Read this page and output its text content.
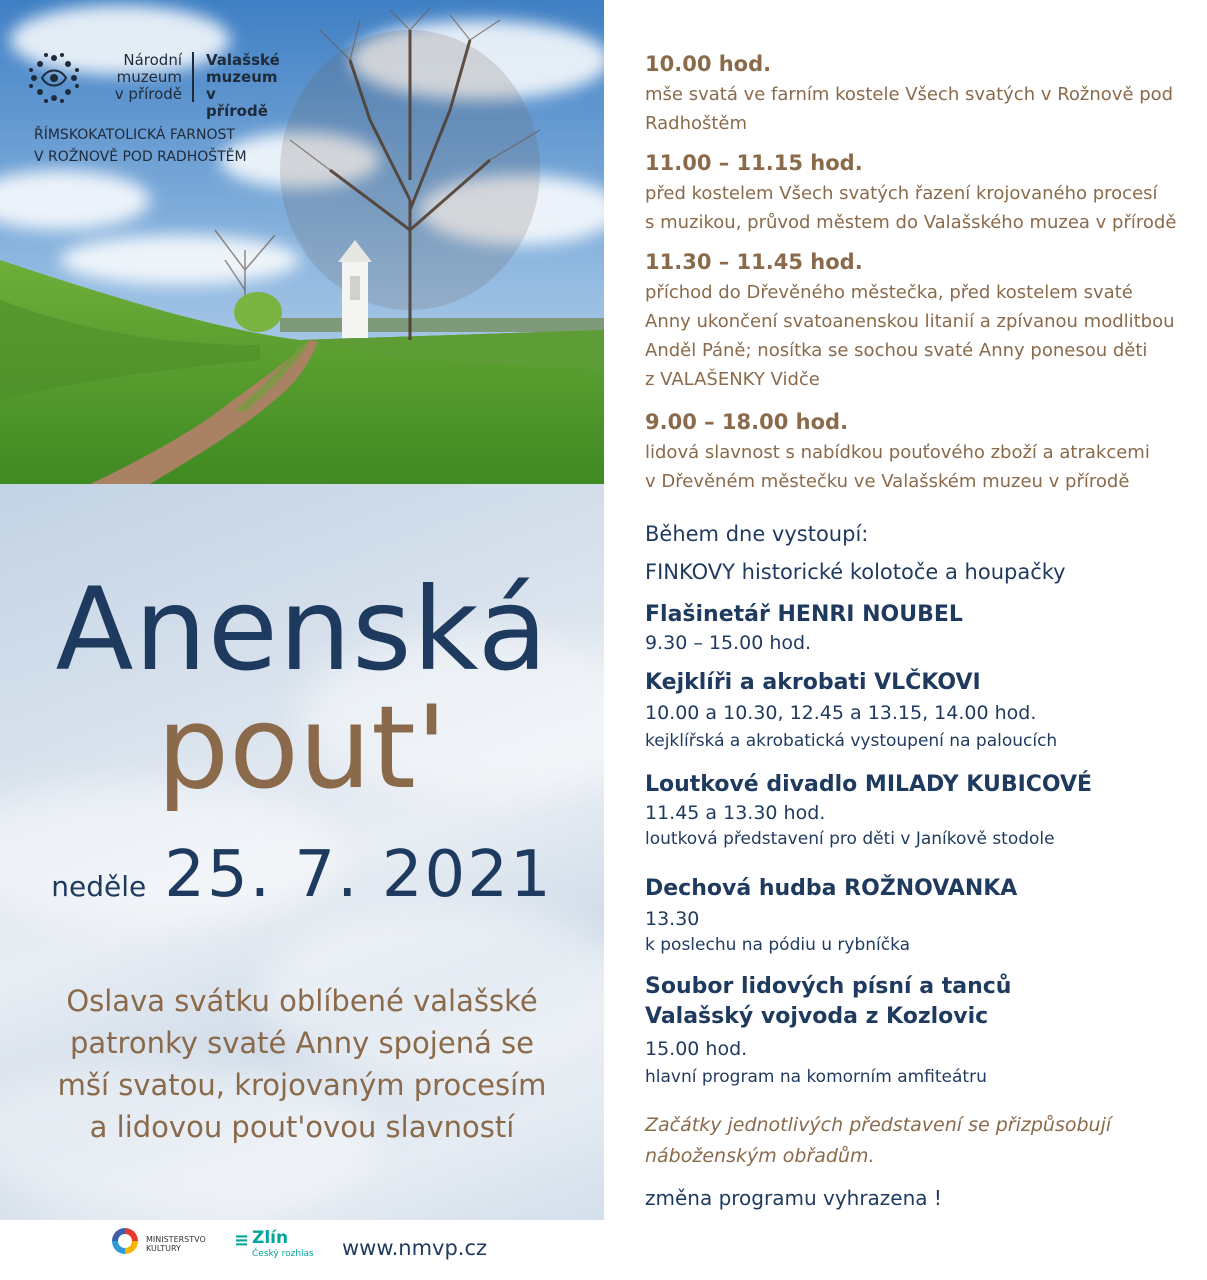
Národní
muzeum
v přírodě
Valašské
muzeum
v přírodě
ŘÍMSKOKATOLICKÁ FARNOST
V ROŽNOVĚ POD RADHOŠTĚM
Anenská
pout'
neděle 25. 7. 2021
Oslava svátku oblíbené valašské
patronky svaté Anny spojená se
mší svatou, krojovaným procesím
a lidovou pout'ovou slavností
MINISTERSTVO
KULTURY	≡ Zlín
Český rozhlas www.nmvp.cz
10.00 hod.
mše svatá ve farním kostele Všech svatých v Rožnově pod
Radhoštěm
11.00 – 11.15 hod.
před kostelem Všech svatých řazení krojovaného procesí
s muzikou, průvod městem do Valašského muzea v přírodě
11.30 – 11.45 hod.
příchod do Dřevěného městečka, před kostelem svaté
Anny ukončení svatoanenskou litanií a zpívanou modlitbou
Anděl Páně; nosítka se sochou svaté Anny ponesou děti
z VALAŠENKY Vidče
9.00 – 18.00 hod.
lidová slavnost s nabídkou pouťového zboží a atrakcemi
v Dřevěném městečku ve Valašském muzeu v přírodě
Během dne vystoupí:
FINKOVY historické kolotoče a houpačky
Flašinetář HENRI NOUBEL
9.30 – 15.00 hod.
Kejklíři a akrobati VLČKOVI
10.00 a 10.30, 12.45 a 13.15, 14.00 hod.
kejklířská a akrobatická vystoupení na paloucích
Loutkové divadlo MILADY KUBICOVÉ
11.45 a 13.30 hod.
loutková představení pro děti v Janíkově stodole
Dechová hudba ROŽNOVANKA
13.30
k poslechu na pódiu u rybníčka
Soubor lidových písní a tanců
Valašský vojvoda z Kozlovic
15.00 hod.
hlavní program na komorním amfiteátru
Začátky jednotlivých představení se přizpůsobují
náboženským obřadům.
změna programu vyhrazena !
